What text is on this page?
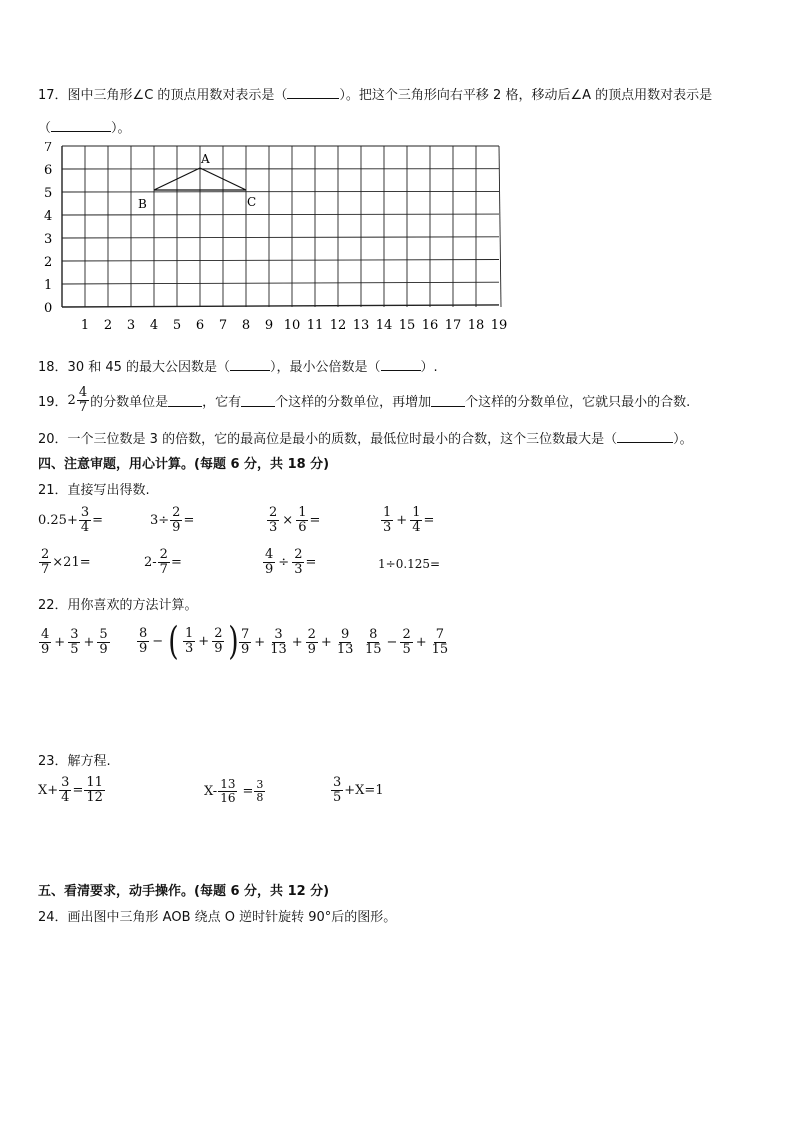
17．图中三角形∠C 的顶点用数对表示是（	）。把这个三角形向右平移 2 格，移动后∠A 的顶点用数对表示是
（	）。
7
6
5
4
3
2
1
0
1 2 3 4 5 6 7 8 9 10 11 12 13 14 15 16 17 18 19
A
B	C
18．30 和 45 的最大公因数是（	），最小公倍数是（	）.
19． $2 \frac{4}{7}$ 的分数单位是	，它有	个这样的分数单位，再增加	个这样的分数单位，它就只最小的合数.
20．一个三位数是 3 的倍数，它的最高位是最小的质数，最低位时最小的合数，这个三位数最大是（	）。
四、注意审题，用心计算。(每题 6 分，共 18 分)
21．直接写出得数.
$0.25+ \frac{3}{4}$ =	$3\div \frac{2}{9}$ =	$\frac{2}{3} \times \frac{1}{6}$ =	$\frac{1}{3} + \frac{1}{4}$ =
$\frac{2}{7} \times 21=$	$2- \frac{2}{7}$ =	$\frac{4}{9} \div \frac{2}{3}$ =	1÷0.125=
22．用你喜欢的方法计算。
$\frac{4}{9} + \frac{3}{5} + \frac{5}{9} \frac{8}{9}$ − ( $\frac{1}{3} + \frac{2}{9}$ ) $\frac{7}{9} + \frac{3}{13} + \frac{2}{9} + \frac{9}{13} \frac{8}{15} - \frac{2}{5} + \frac{7}{15}$
23．解方程.
$X+ \frac{3}{4} = \frac{11}{12}$	$X- \frac{13}{16} = \frac{3}{8}$	$\frac{3}{5} +X=1$
五、看清要求，动手操作。(每题 6 分，共 12 分)
24．画出图中三角形 AOB 绕点 O 逆时针旋转 90°后的图形。
